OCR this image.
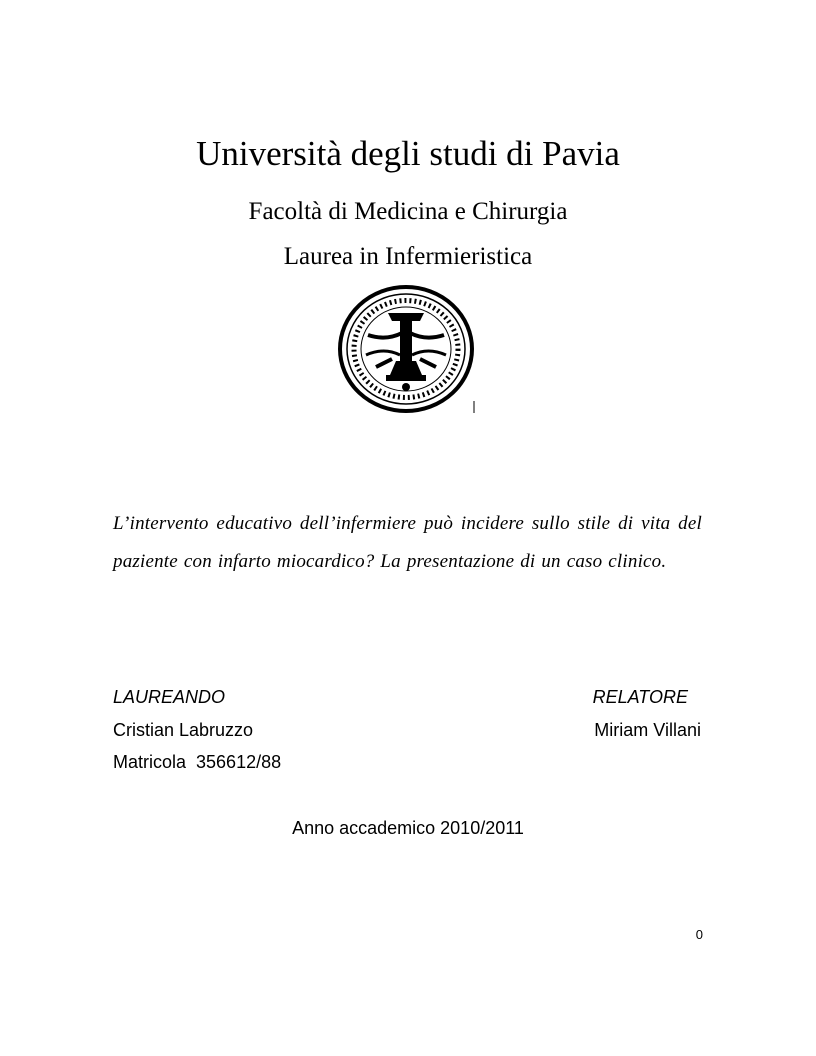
Università degli studi di Pavia
Facoltà di Medicina e Chirurgia
Laurea in Infermieristica
L’intervento educativo dell’infermiere può incidere sullo stile di vita del paziente con infarto miocardico? La presentazione di un caso clinico.
LAUREANDO	RELATORE
Cristian Labruzzo	Miriam Villani
Matricola  356612/88
Anno accademico 2010/2011
0
